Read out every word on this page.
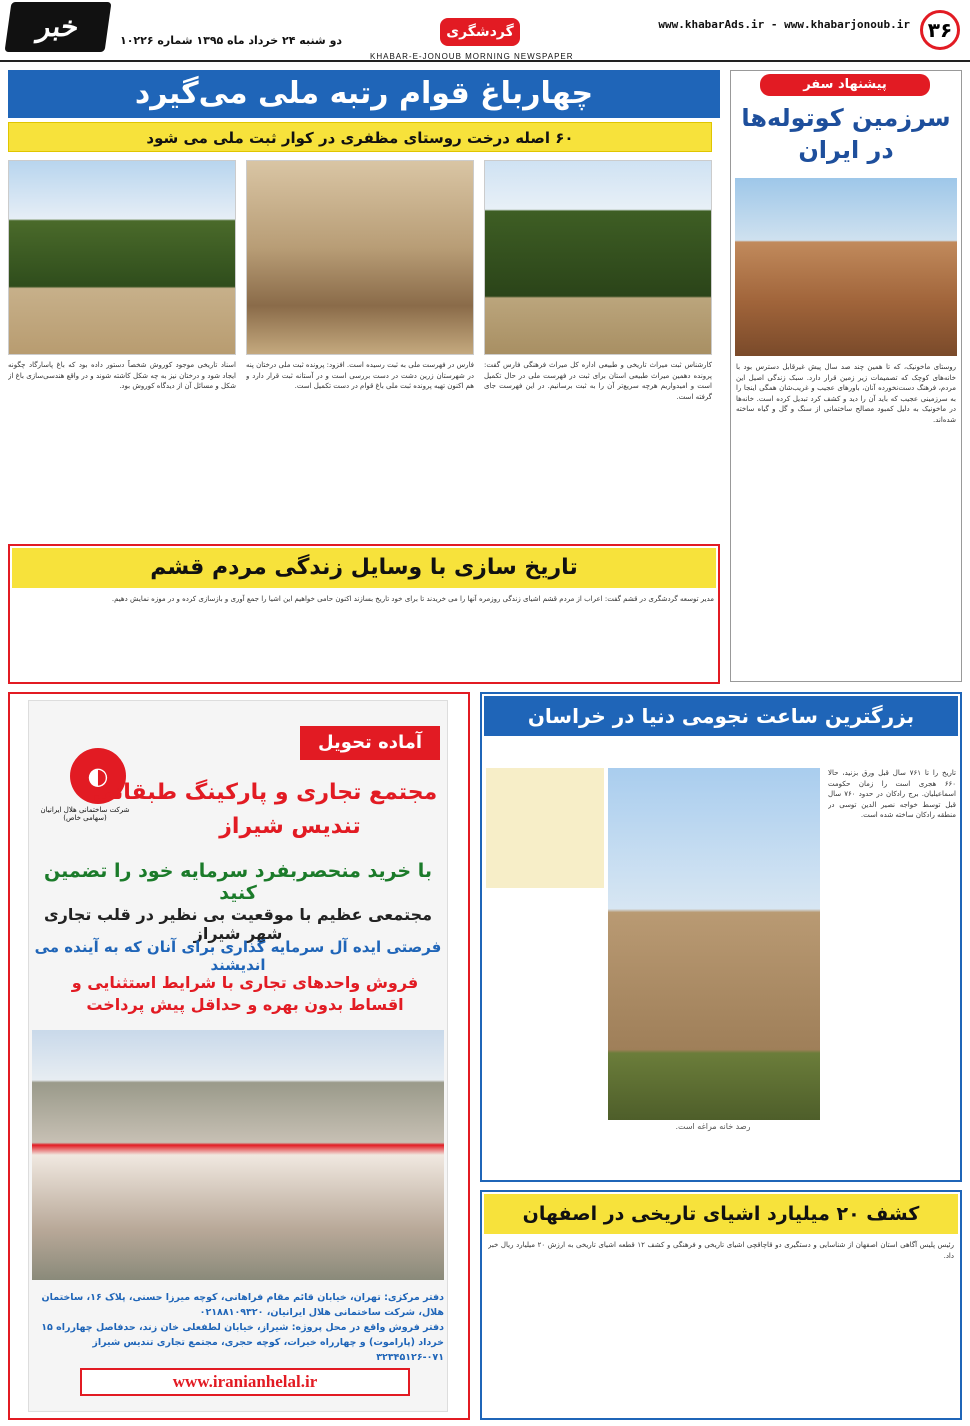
۳۶
www.khabarAds.ir - www.khabarjonoub.ir
گردشگری
دو شنبه ۲۴ خرداد ماه ۱۳۹۵ شماره ۱۰۲۲۶
خبر
KHABAR-E-JONOUB MORNING NEWSPAPER
پیشنهاد سفر
سرزمین کوتوله‌ها در ایران
روستای ماخونیک، که تا همین چند صد سال پیش غیرقابل دسترس بود با خانه‌های کوچک که تصمیمات زیر زمین قرار دارد. سبک زندگی اصیل این مردم، فرهنگ دست‌نخورده آنان، باورهای عجیب و غریب‌شان همگی اینجا را به سرزمینی عجیب که باید آن را دید و کشف کرد تبدیل کرده است. خانه‌ها در ماخونیک به دلیل کمبود مصالح ساختمانی از سنگ و گل و گیاه ساخته شده‌اند.
چهارباغ قوام رتبه ملی می‌گیرد
۶۰ اصله درخت روستای مظفری در کوار ثبت ملی می شود
کارشناس ثبت میراث تاریخی و طبیعی اداره کل میراث فرهنگی فارس گفت: پرونده دهمین میراث طبیعی استان برای ثبت در فهرست ملی در حال تکمیل است و امیدواریم هرچه سریع‌تر آن را به ثبت برسانیم. در این فهرست جای گرفته است.
فارس در فهرست ملی به ثبت رسیده است. افزود: پرونده ثبت ملی درختان پنه در شهرستان زرین دشت در دست بررسی است و در آستانه ثبت قرار دارد و هم اکنون تهیه پرونده ثبت ملی باغ قوام در دست تکمیل است.
اسناد تاریخی موجود کوروش شخصاً دستور داده بود که باغ پاسارگاد چگونه ایجاد شود و درختان نیز به چه شکل کاشته شوند و در واقع هندسی‌سازی باغ از شکل و مسائل آن از دیدگاه کوروش بود.
تاریخ سازی با وسایل زندگی مردم قشم
مدیر توسعه گردشگری در قشم گفت: اعراب از مردم قشم اشیای زندگی روزمره آنها را می خریدند تا برای خود تاریخ بسازند اکنون حامی خواهیم این اشیا را جمع آوری و بازسازی کرده و در موزه نمایش دهیم.
آماده تحویل
◐
شرکت ساختمانی هلال ایرانیان (سهامی خاص)
مجتمع تجاری و پارکینگ طبقاتی
تندیس شیراز
با خرید منحصربفرد سرمایه خود را تضمین کنید
مجتمعی عظیم با موقعیت بی نظیر در قلب تجاری شهر شیراز
فرصتی ایده آل سرمایه گذاری برای آنان که به آینده می اندیشند
فروش واحدهای تجاری با شرایط استثنایی و اقساط بدون بهره و حداقل پیش پرداخت
دفتر مرکزی: تهران، خیابان قائم مقام فراهانی، کوچه میرزا حسنی، پلاک ۱۶، ساختمان هلال، شرکت ساختمانی هلال ایرانیان، ۰۲۱۸۸۱۰۹۳۲۰
دفتر فروش واقع در محل پروژه: شیراز، خیابان لطفعلی خان زند، حدفاصل چهارراه ۱۵ خرداد (پاراموت) و چهارراه خیرات، کوچه حجری، مجتمع تجاری تندیس شیراز ۰۷۱-۳۲۳۴۵۱۲۶
www.iranianhelal.ir
بزرگترین ساعت نجومی دنیا در خراسان
رصد خانه مراغه است.
تاریخ را تا ۷۶۱ سال قبل ورق بزنید، حالا ۶۶۰ هجری است را زمان حکومت اسماعیلیان. برج رادکان در حدود ۷۶۰ سال قبل توسط خواجه نصیر الدین توسی در منطقه رادکان ساخته شده است.
کشف ۲۰ میلیارد اشیای تاریخی در اصفهان
رئیس پلیس آگاهی استان اصفهان از شناسایی و دستگیری دو قاچاقچی اشیای تاریخی و فرهنگی و کشف ۱۲ قطعه اشیای تاریخی به ارزش ۲۰ میلیارد ریال خبر داد.
